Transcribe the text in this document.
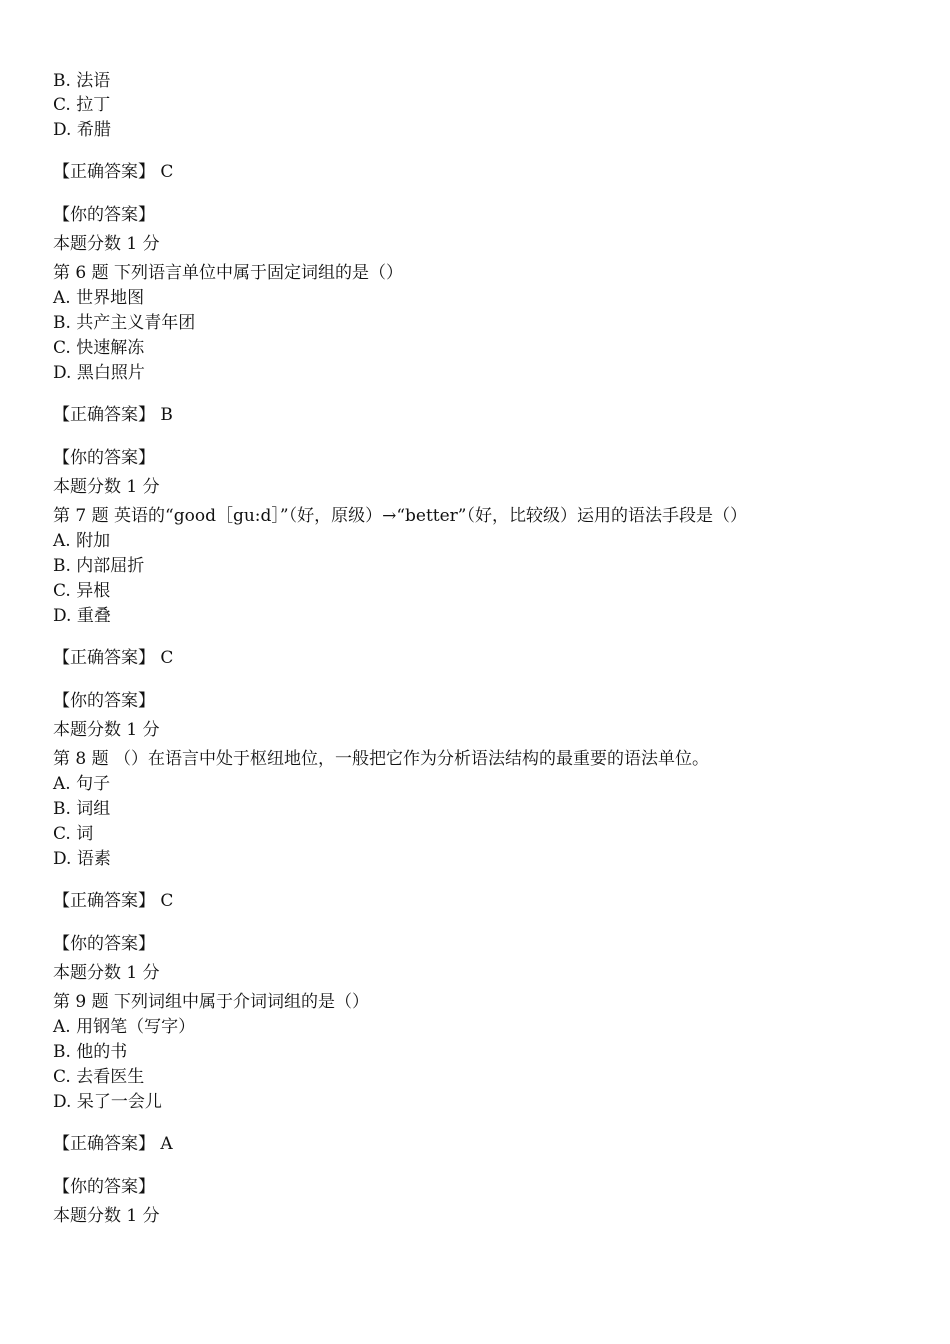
B. 法语
C. 拉丁
D. 希腊
【正确答案】 C
【你的答案】
本题分数 1 分
第 6 题 下列语言单位中属于固定词组的是（）
A. 世界地图
B. 共产主义青年团
C. 快速解冻
D. 黑白照片
【正确答案】 B
【你的答案】
本题分数 1 分
第 7 题 英语的“good［gu:d］”（好，原级）→“better”（好，比较级）运用的语法手段是（）
A. 附加
B. 内部屈折
C. 异根
D. 重叠
【正确答案】 C
【你的答案】
本题分数 1 分
第 8 题 （）在语言中处于枢纽地位，一般把它作为分析语法结构的最重要的语法单位。
A. 句子
B. 词组
C. 词
D. 语素
【正确答案】 C
【你的答案】
本题分数 1 分
第 9 题 下列词组中属于介词词组的是（）
A. 用钢笔（写字）
B. 他的书
C. 去看医生
D. 呆了一会儿
【正确答案】 A
【你的答案】
本题分数 1 分
